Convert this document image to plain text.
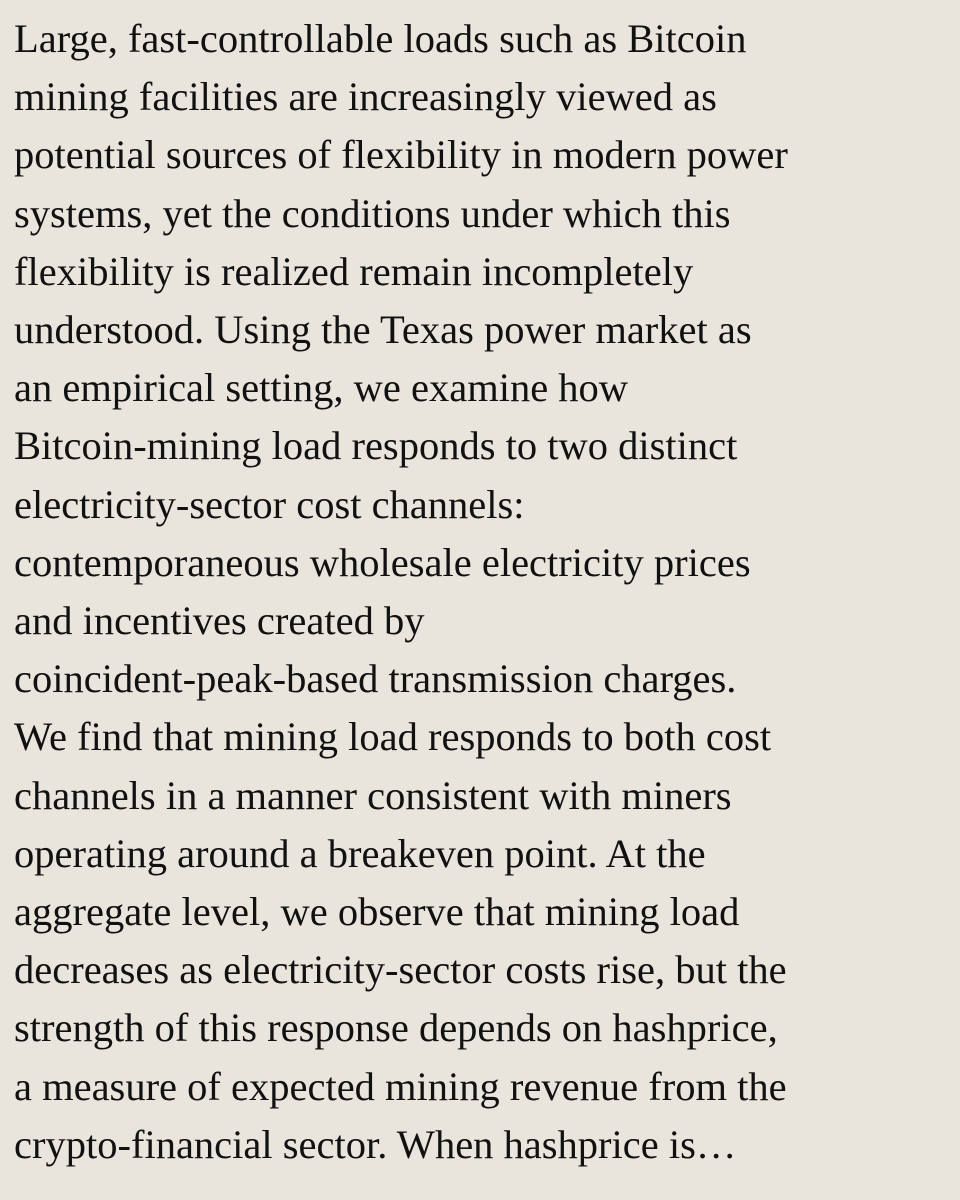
Large, fast-controllable loads such as Bitcoin
mining facilities are increasingly viewed as
potential sources of flexibility in modern power
systems, yet the conditions under which this
flexibility is realized remain incompletely
understood. Using the Texas power market as
an empirical setting, we examine how
Bitcoin-mining load responds to two distinct
electricity-sector cost channels:
contemporaneous wholesale electricity prices
and incentives created by
coincident-peak-based transmission charges.
We find that mining load responds to both cost
channels in a manner consistent with miners
operating around a breakeven point. At the
aggregate level, we observe that mining load
decreases as electricity-sector costs rise, but the
strength of this response depends on hashprice,
a measure of expected mining revenue from the
crypto-financial sector. When hashprice is…
